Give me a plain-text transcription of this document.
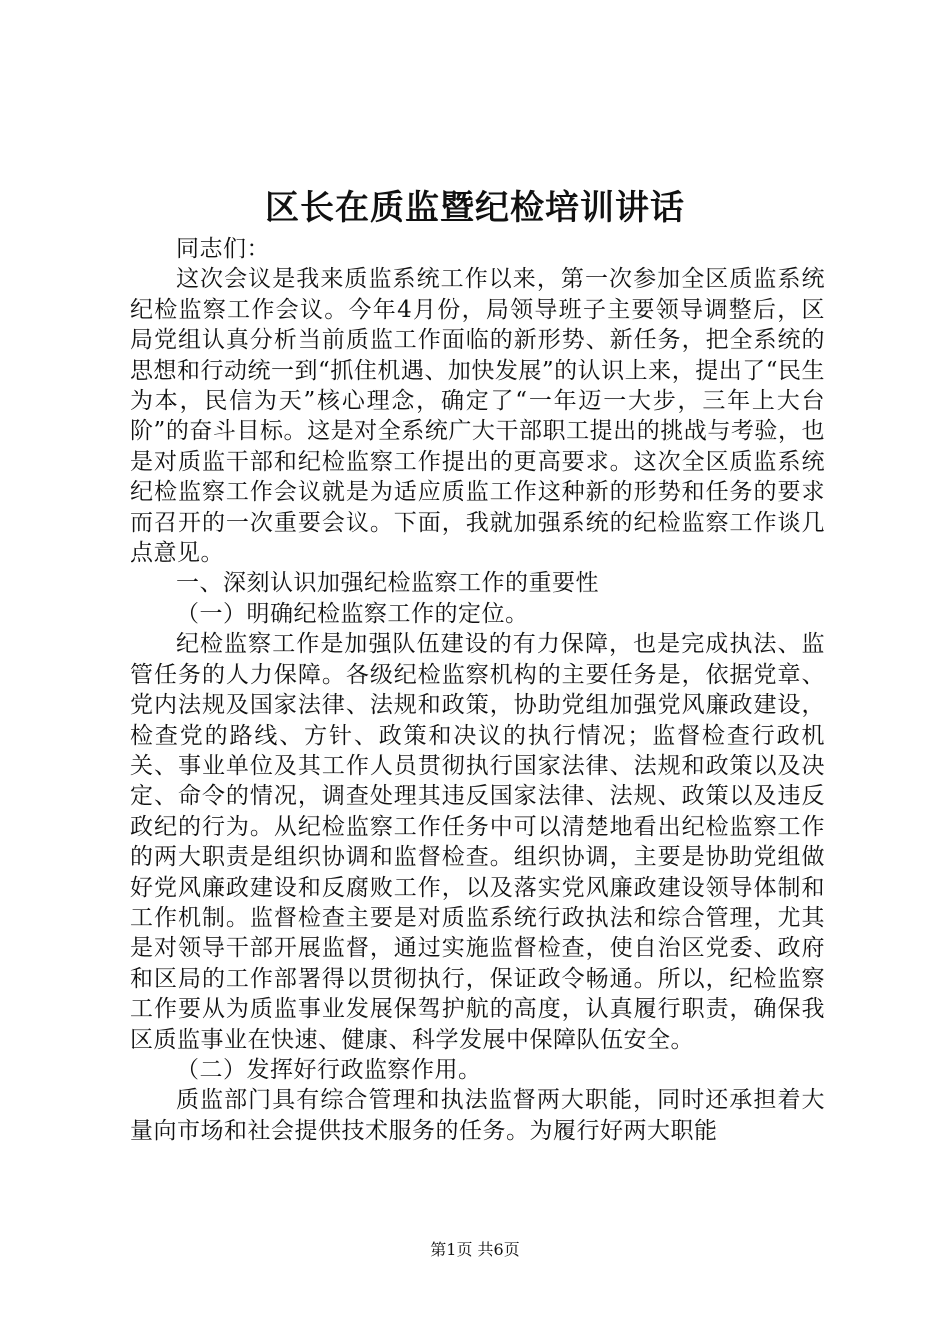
区长在质监暨纪检培训讲话

同志们：

这次会议是我来质监系统工作以来，第一次参加全区质监系统纪检监察工作会议。今年4月份，局领导班子主要领导调整后，区局党组认真分析当前质监工作面临的新形势、新任务，把全系统的思想和行动统一到“抓住机遇、加快发展”的认识上来，提出了“民生为本，民信为天”核心理念，确定了“一年迈一大步，三年上大台阶”的奋斗目标。这是对全系统广大干部职工提出的挑战与考验，也是对质监干部和纪检监察工作提出的更高要求。这次全区质监系统纪检监察工作会议就是为适应质监工作这种新的形势和任务的要求而召开的一次重要会议。下面，我就加强系统的纪检监察工作谈几点意见。

一、深刻认识加强纪检监察工作的重要性

（一）明确纪检监察工作的定位。

纪检监察工作是加强队伍建设的有力保障，也是完成执法、监管任务的人力保障。各级纪检监察机构的主要任务是，依据党章、党内法规及国家法律、法规和政策，协助党组加强党风廉政建设，检查党的路线、方针、政策和决议的执行情况；监督检查行政机关、事业单位及其工作人员贯彻执行国家法律、法规和政策以及决定、命令的情况，调查处理其违反国家法律、法规、政策以及违反政纪的行为。从纪检监察工作任务中可以清楚地看出纪检监察工作的两大职责是组织协调和监督检查。组织协调，主要是协助党组做好党风廉政建设和反腐败工作，以及落实党风廉政建设领导体制和工作机制。监督检查主要是对质监系统行政执法和综合管理，尤其是对领导干部开展监督，通过实施监督检查，使自治区党委、政府和区局的工作部署得以贯彻执行，保证政令畅通。所以，纪检监察工作要从为质监事业发展保驾护航的高度，认真履行职责，确保我区质监事业在快速、健康、科学发展中保障队伍安全。

（二）发挥好行政监察作用。

质监部门具有综合管理和执法监督两大职能，同时还承担着大量向市场和社会提供技术服务的任务。为履行好两大职能

第1页 共6页
